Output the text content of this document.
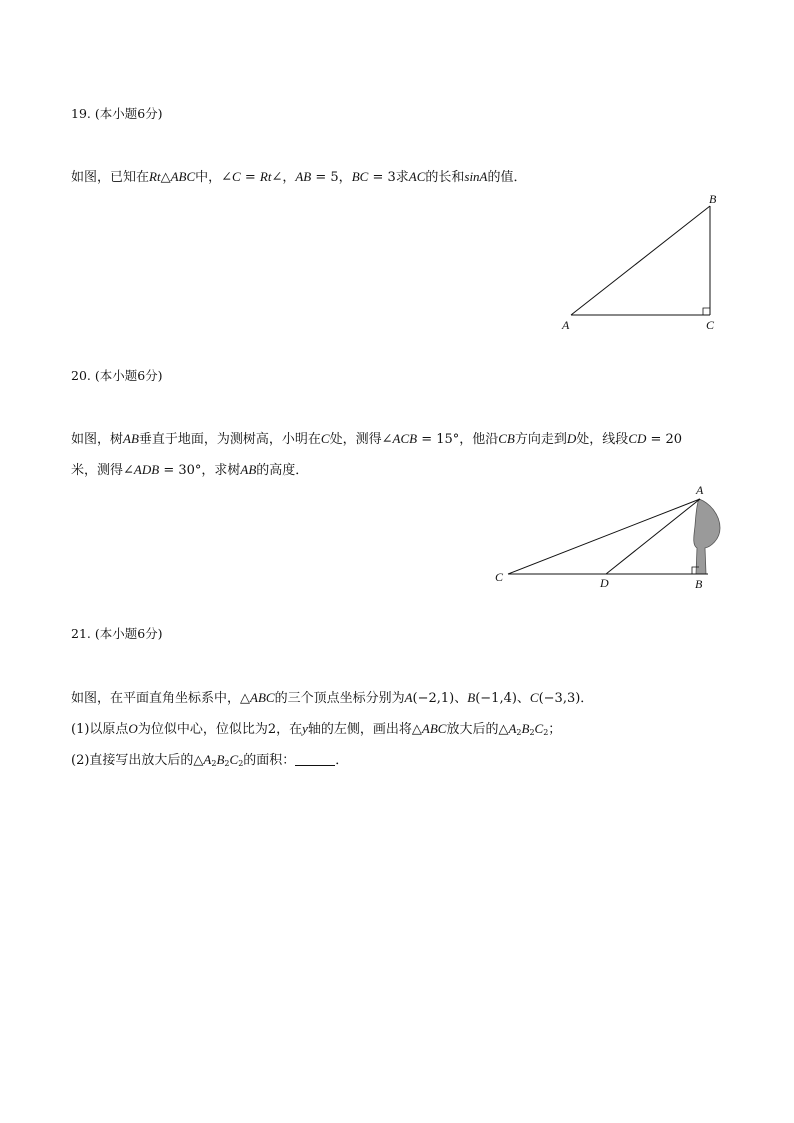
19. (本小题6分)
如图，已知在Rt△ABC中，∠C = Rt∠，AB = 5，BC = 3求AC的长和sinA的值．
B
A	C
20. (本小题6分)
如图，树AB垂直于地面，为测树高，小明在C处，测得∠ACB = 15°，他沿CB方向走到D处，线段CD = 20
米，测得∠ADB = 30°，求树AB的高度．
A
C	D	B
21. (本小题6分)
如图，在平面直角坐标系中，△ABC的三个顶点坐标分别为A(−2,1)、B(−1,4)、C(−3,3)．
(1)以原点O为位似中心，位似比为2，在y轴的左侧，画出将△ABC放大后的$\triangle A_2B_2C_2$；
(2)直接写出放大后的$\triangle A_2B_2C_2$的面积：	．
